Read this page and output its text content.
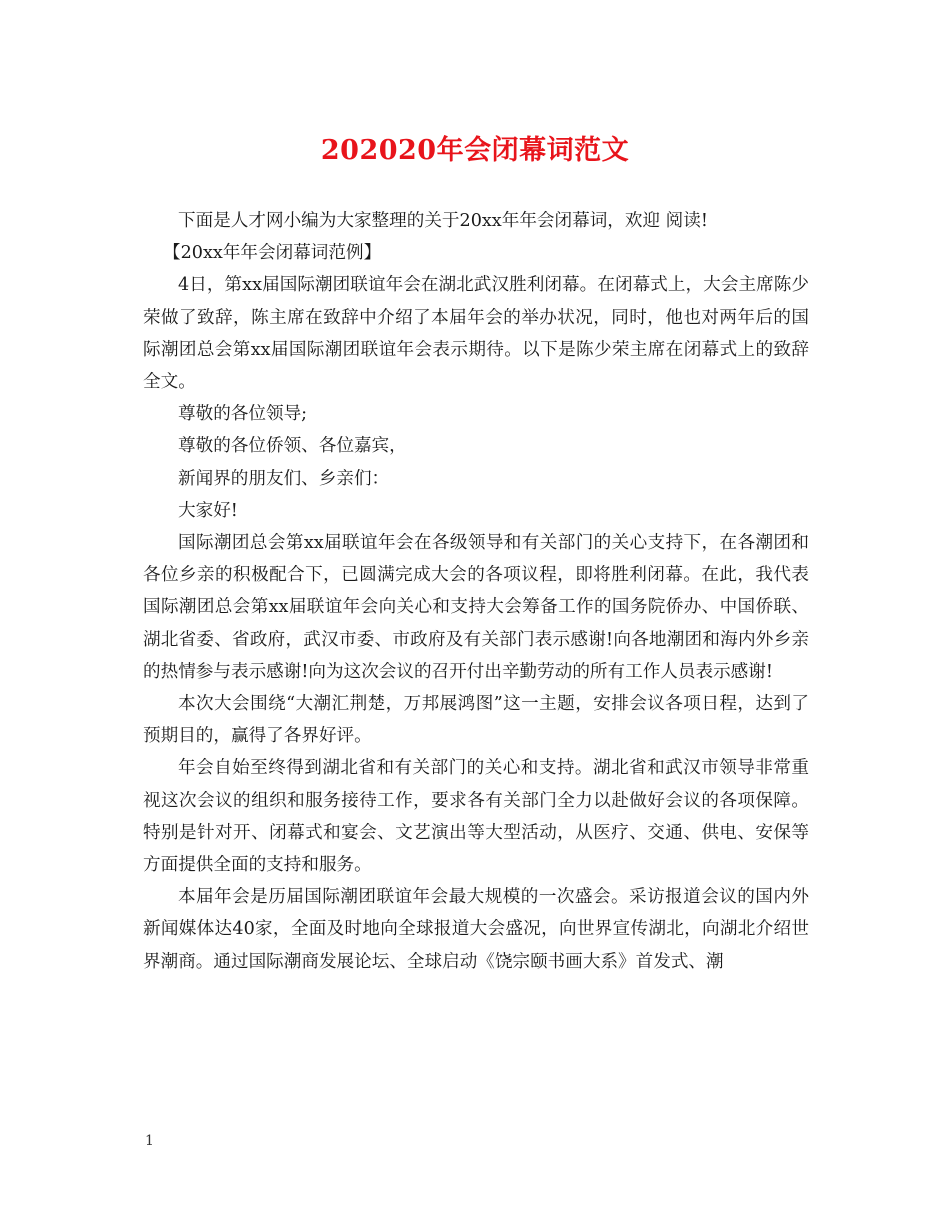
202020年会闭幕词范文

下面是人才网小编为大家整理的关于20xx年年会闭幕词，欢迎 阅读!

【20xx年年会闭幕词范例】

4日，第xx届国际潮团联谊年会在湖北武汉胜利闭幕。在闭幕式上，大会主席陈少荣做了致辞，陈主席在致辞中介绍了本届年会的举办状况，同时，他也对两年后的国际潮团总会第xx届国际潮团联谊年会表示期待。以下是陈少荣主席在闭幕式上的致辞全文。

尊敬的各位领导;

尊敬的各位侨领、各位嘉宾，

新闻界的朋友们、乡亲们：

大家好!

国际潮团总会第xx届联谊年会在各级领导和有关部门的关心支持下，在各潮团和各位乡亲的积极配合下，已圆满完成大会的各项议程，即将胜利闭幕。在此，我代表国际潮团总会第xx届联谊年会向关心和支持大会筹备工作的国务院侨办、中国侨联、湖北省委、省政府，武汉市委、市政府及有关部门表示感谢!向各地潮团和海内外乡亲的热情参与表示感谢!向为这次会议的召开付出辛勤劳动的所有工作人员表示感谢!

本次大会围绕“大潮汇荆楚，万邦展鸿图”这一主题，安排会议各项日程，达到了预期目的，赢得了各界好评。

年会自始至终得到湖北省和有关部门的关心和支持。湖北省和武汉市领导非常重视这次会议的组织和服务接待工作，要求各有关部门全力以赴做好会议的各项保障。特别是针对开、闭幕式和宴会、文艺演出等大型活动，从医疗、交通、供电、安保等方面提供全面的支持和服务。

本届年会是历届国际潮团联谊年会最大规模的一次盛会。采访报道会议的国内外新闻媒体达40家，全面及时地向全球报道大会盛况，向世界宣传湖北，向湖北介绍世界潮商。通过国际潮商发展论坛、全球启动《饶宗颐书画大系》首发式、潮

1
